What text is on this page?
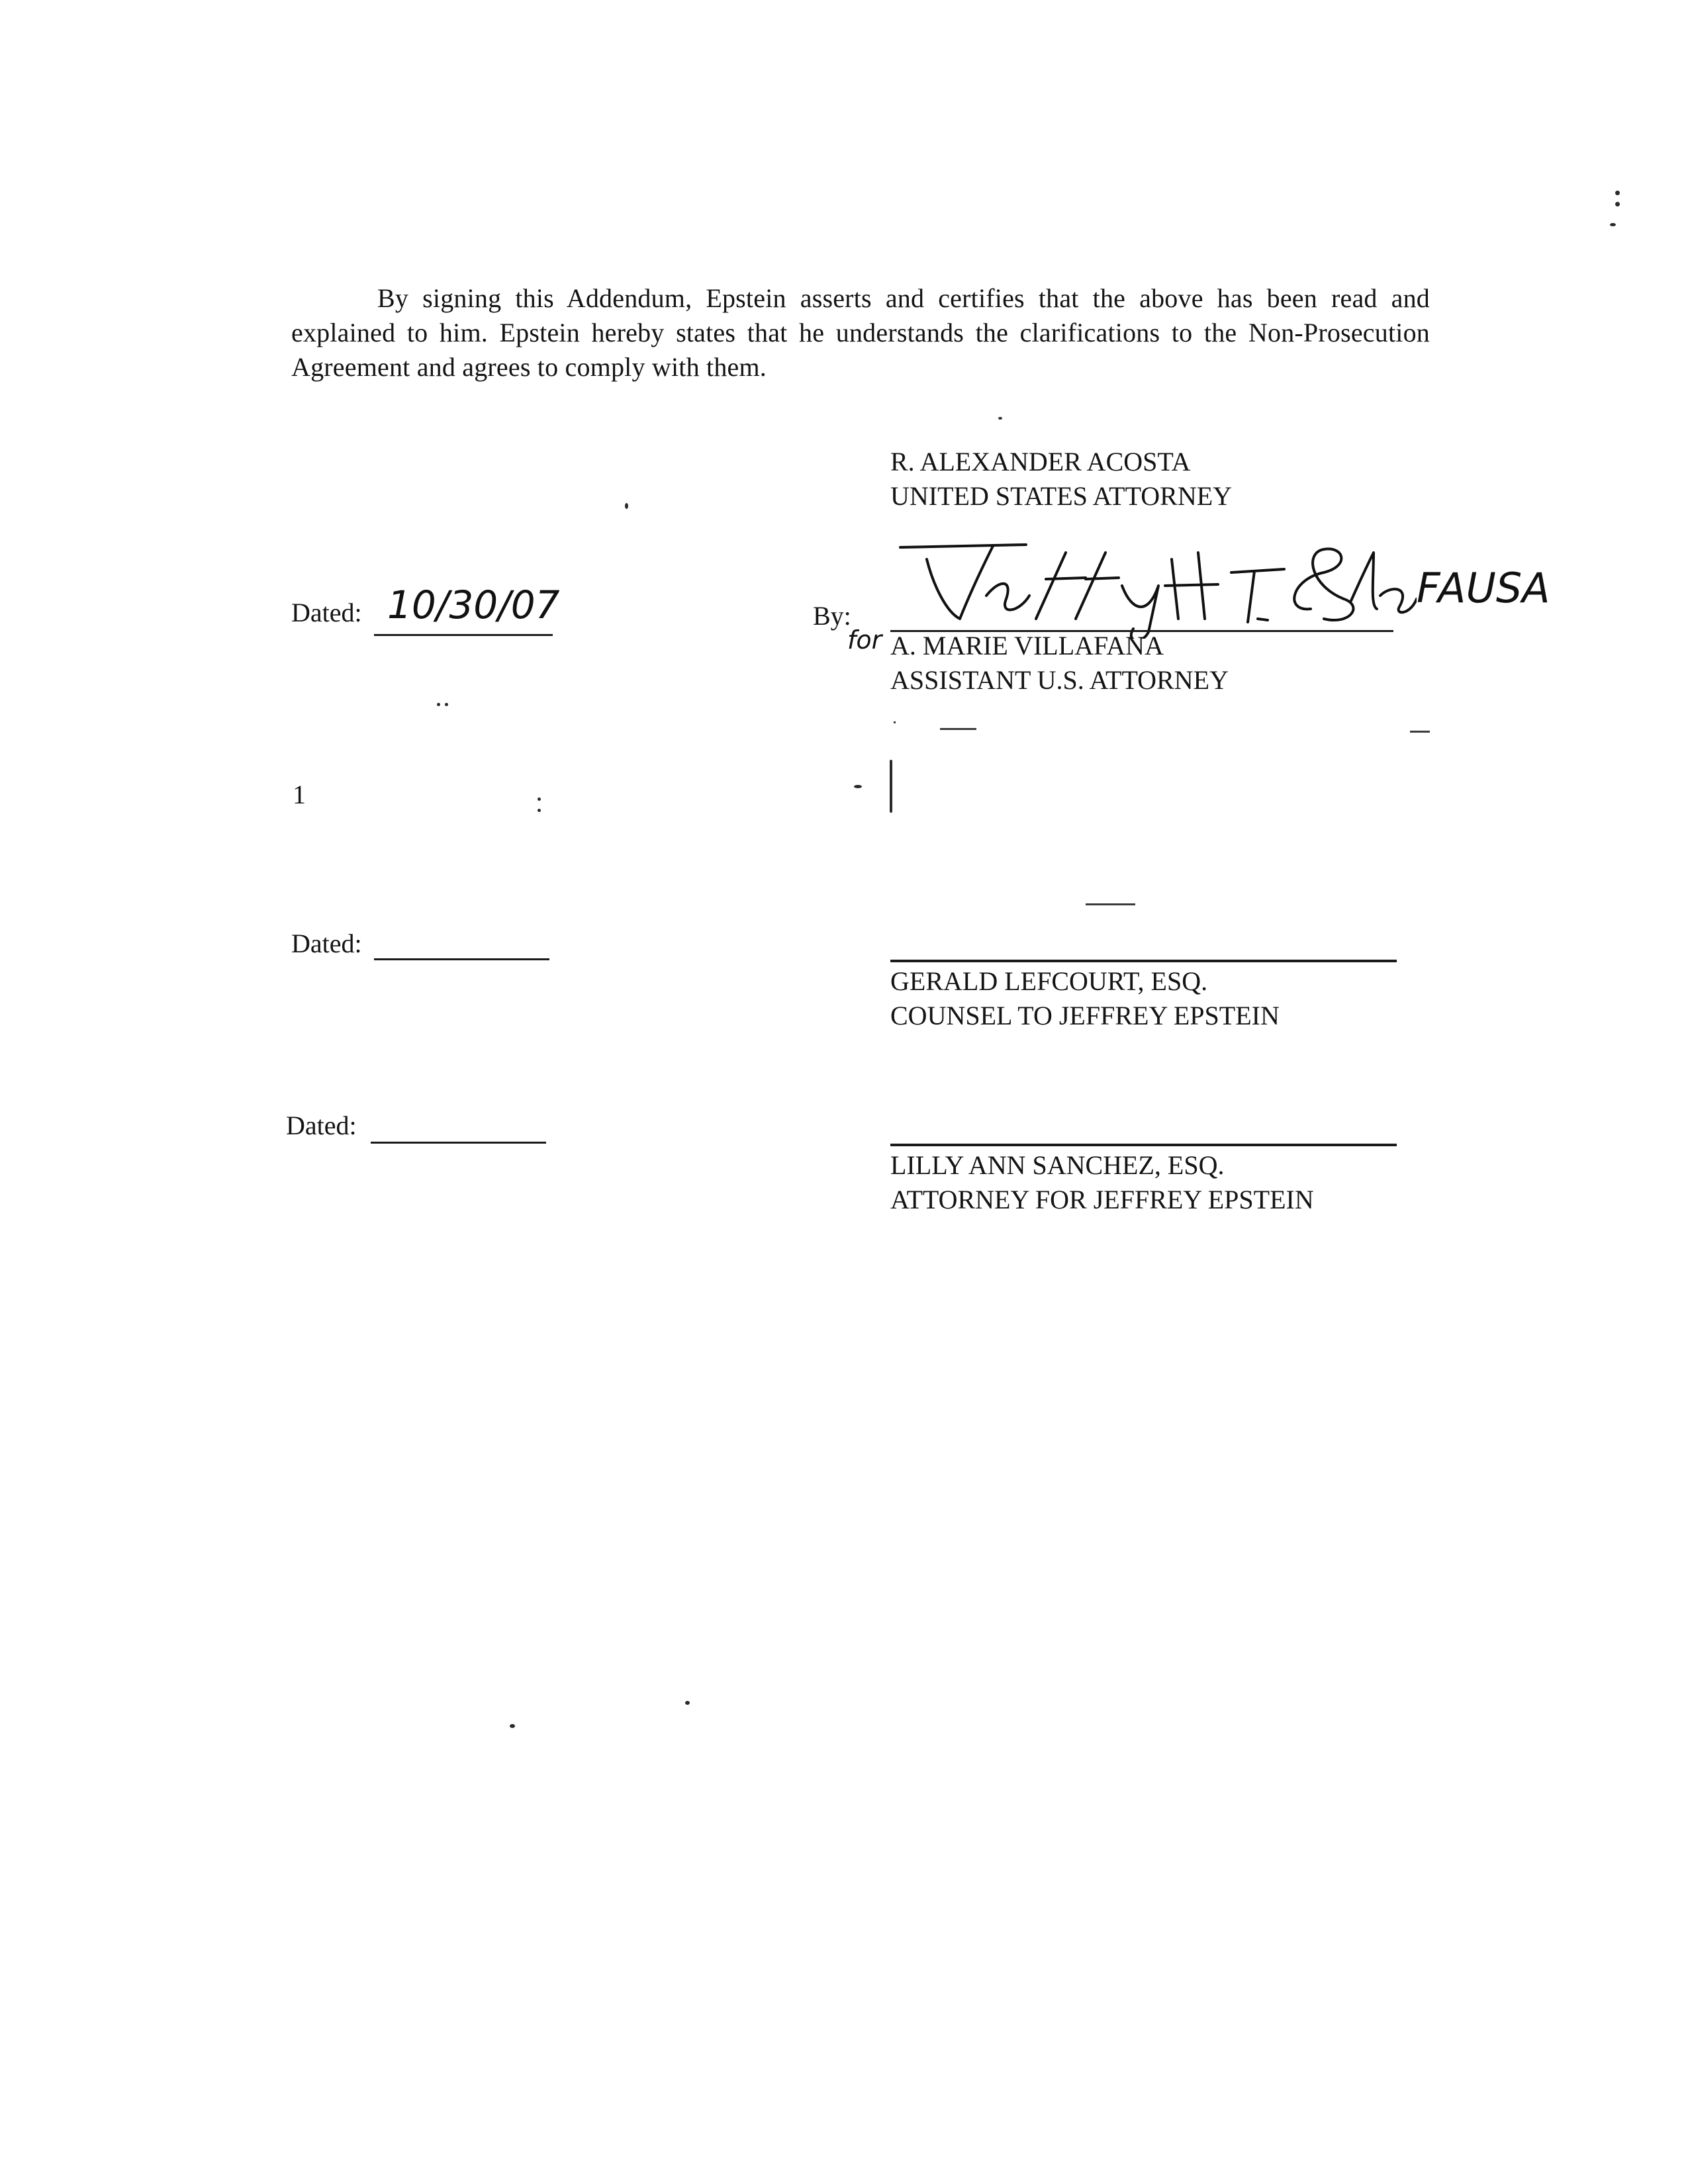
By signing this Addendum, Epstein asserts and certifies that the above has been read and explained to him. Epstein hereby states that he understands the clarifications to the Non-Prosecution Agreement and agrees to comply with them.

R. ALEXANDER ACOSTA
UNITED STATES ATTORNEY
Dated: 10/30/07	By:
for
FAUSA
A. MARIE VILLAFANA
ASSISTANT U.S. ATTORNEY
1
Dated:
GERALD LEFCOURT, ESQ.
COUNSEL TO JEFFREY EPSTEIN
Dated:
LILLY ANN SANCHEZ, ESQ.
ATTORNEY FOR JEFFREY EPSTEIN
